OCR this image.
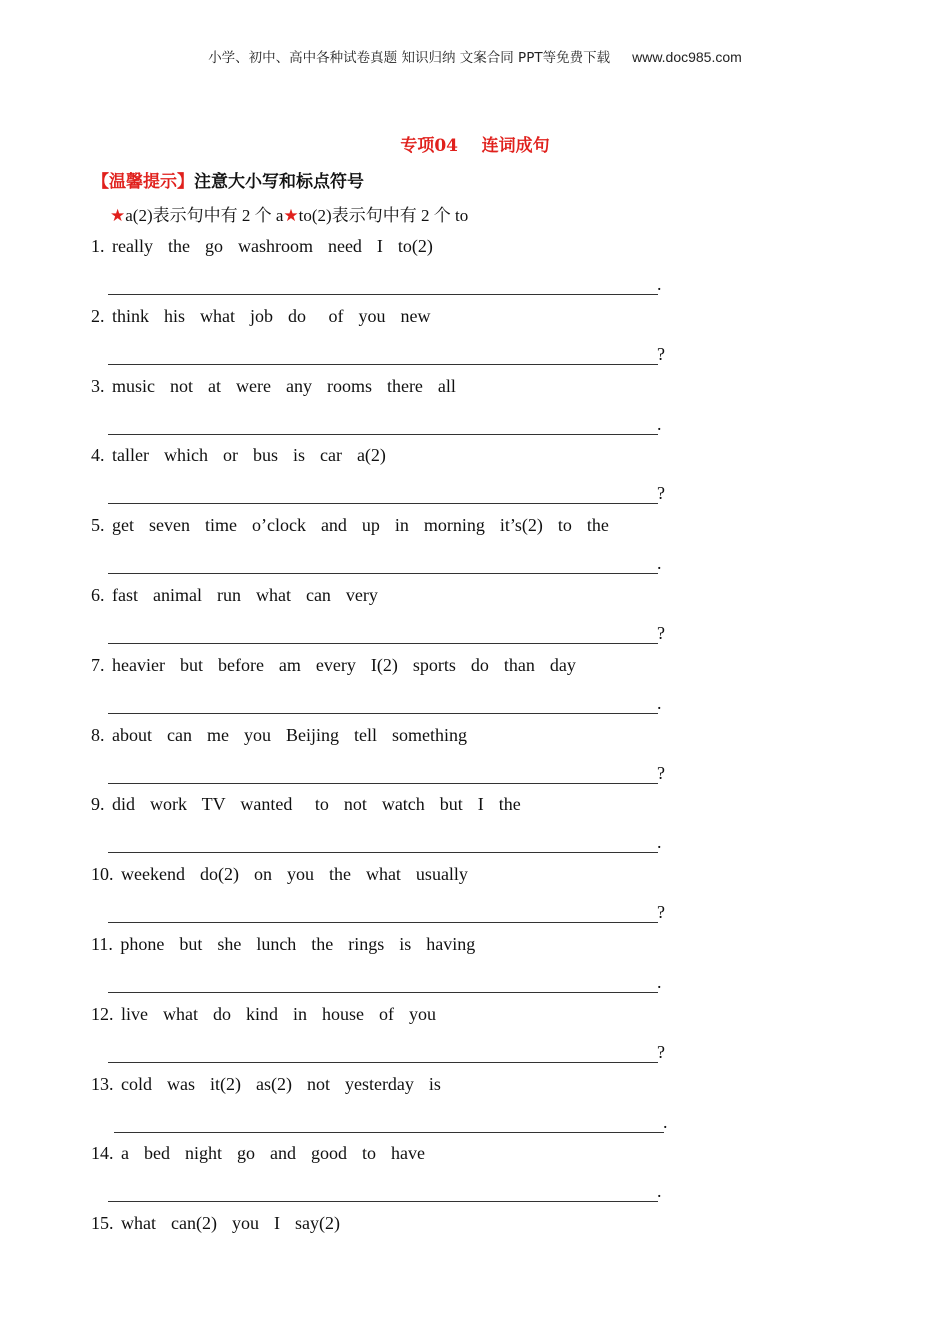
小学、初中、高中各种试卷真题 知识归纳 文案合同 PPT等免费下载 www.doc985.com
专项04    连词成句
【温馨提示】注意大小写和标点符号
★a(2)表示句中有 2 个 a★to(2)表示句中有 2 个 to
1. really  the  go  washroom  need  I  to(2)
.
2. think  his  what  job  do   of  you  new
?
3. music  not  at  were  any  rooms  there  all
.
4. taller  which  or  bus  is  car  a(2)
?
5. get  seven  time  o’clock  and  up  in  morning  it’s(2)  to  the
.
6. fast  animal  run  what  can  very
?
7. heavier  but  before  am  every  I(2)  sports  do  than  day
.
8. about  can  me  you  Beijing  tell  something
?
9. did  work  TV  wanted   to  not  watch  but  I  the
.
10. weekend  do(2)  on  you  the  what  usually
?
11. phone  but  she  lunch  the  rings  is  having
.
12. live  what  do  kind  in  house  of  you
?
13. cold  was  it(2)  as(2)  not  yesterday  is
.
14. a  bed  night  go  and  good  to  have
.
15. what  can(2)  you  I  say(2)
